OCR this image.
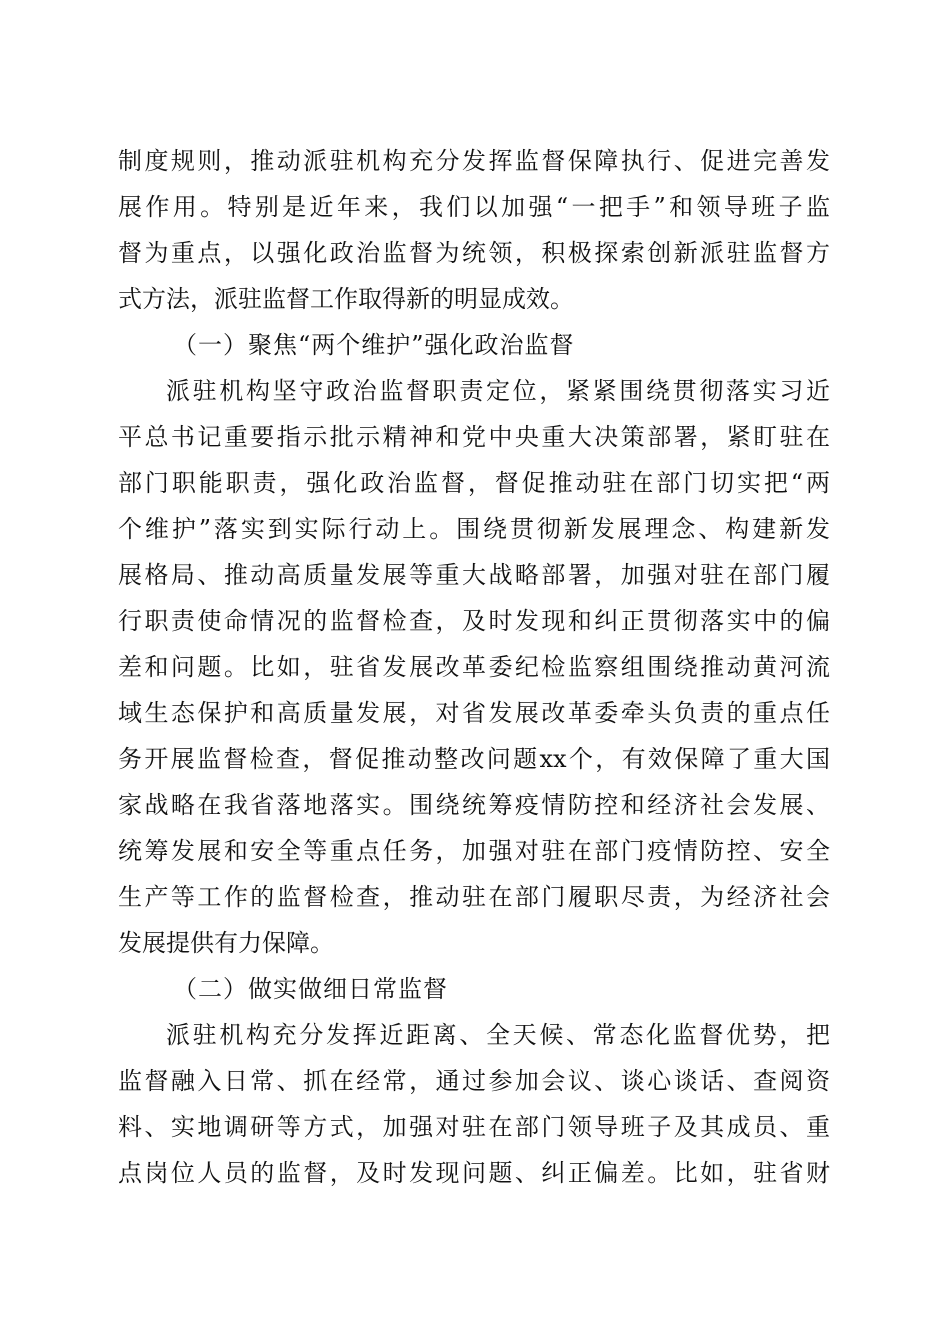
制度规则，推动派驻机构充分发挥监督保障执行、促进完善发
展作用。特别是近年来，我们以加强“一把手”和领导班子监
督为重点，以强化政治监督为统领，积极探索创新派驻监督方
式方法，派驻监督工作取得新的明显成效。
（一）聚焦“两个维护”强化政治监督
派驻机构坚守政治监督职责定位，紧紧围绕贯彻落实习近
平总书记重要指示批示精神和党中央重大决策部署，紧盯驻在
部门职能职责，强化政治监督，督促推动驻在部门切实把“两
个维护”落实到实际行动上。围绕贯彻新发展理念、构建新发
展格局、推动高质量发展等重大战略部署，加强对驻在部门履
行职责使命情况的监督检查，及时发现和纠正贯彻落实中的偏
差和问题。比如，驻省发展改革委纪检监察组围绕推动黄河流
域生态保护和高质量发展，对省发展改革委牵头负责的重点任
务开展监督检查，督促推动整改问题xx个，有效保障了重大国
家战略在我省落地落实。围绕统筹疫情防控和经济社会发展、
统筹发展和安全等重点任务，加强对驻在部门疫情防控、安全
生产等工作的监督检查，推动驻在部门履职尽责，为经济社会
发展提供有力保障。
（二）做实做细日常监督
派驻机构充分发挥近距离、全天候、常态化监督优势，把
监督融入日常、抓在经常，通过参加会议、谈心谈话、查阅资
料、实地调研等方式，加强对驻在部门领导班子及其成员、重
点岗位人员的监督，及时发现问题、纠正偏差。比如，驻省财
